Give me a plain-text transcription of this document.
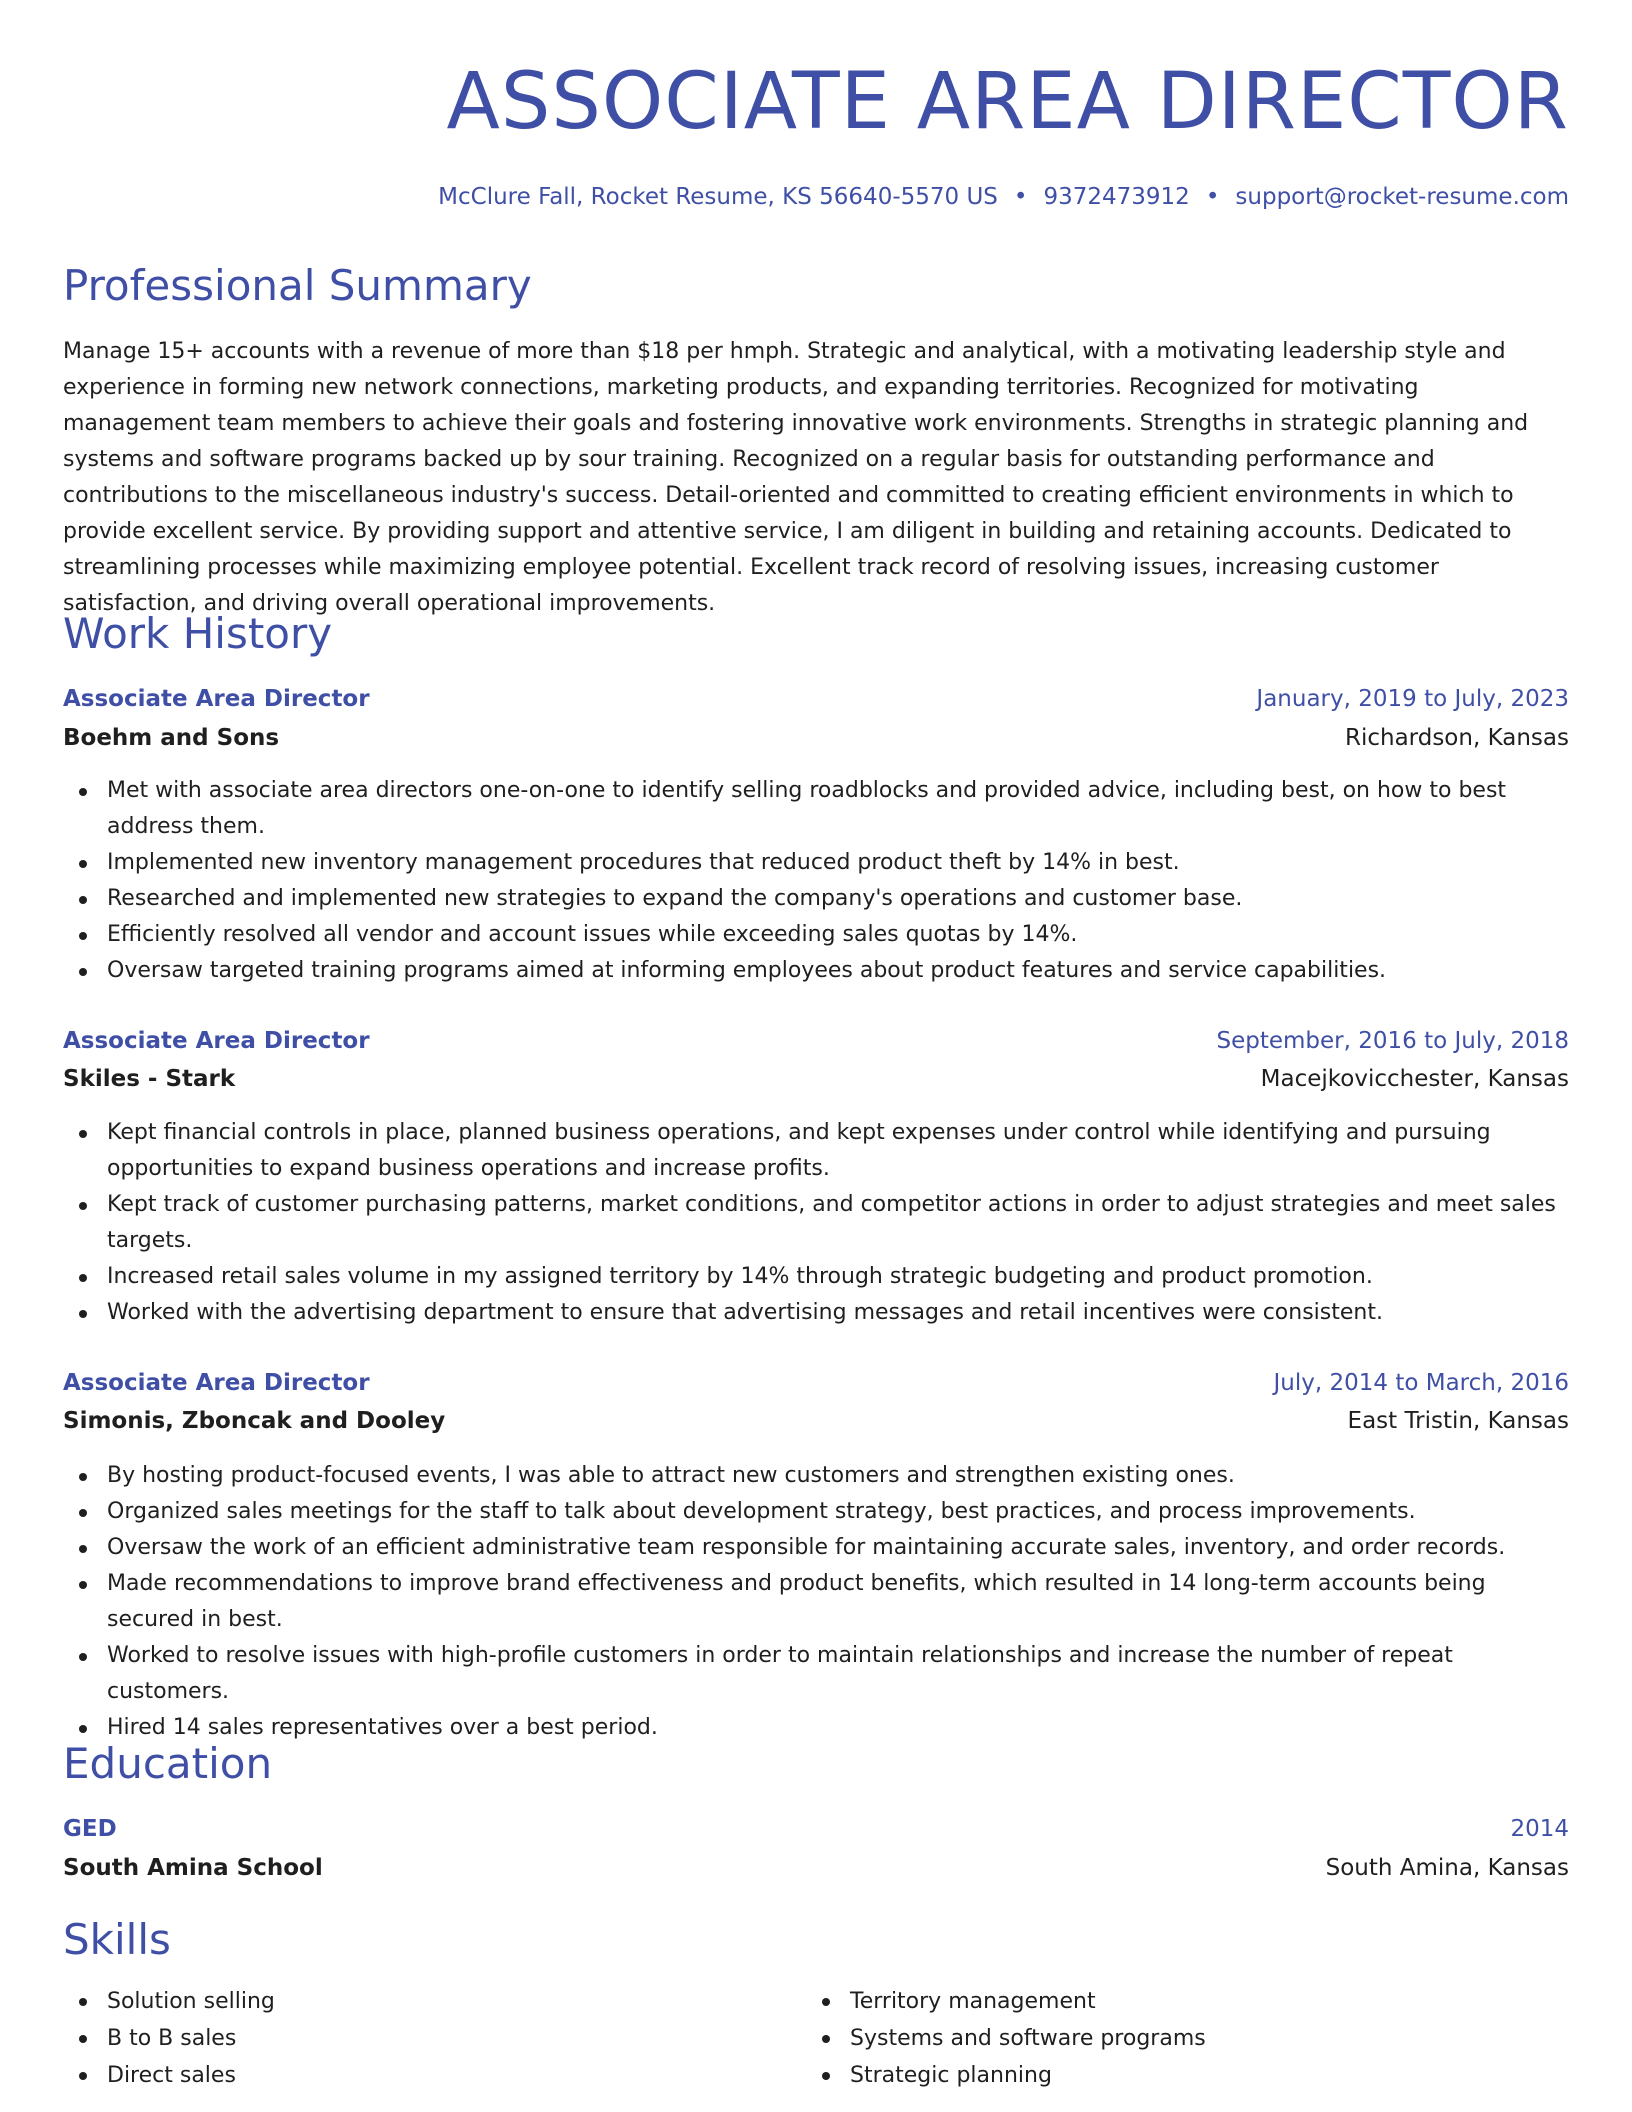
ASSOCIATE AREA DIRECTOR
McClure Fall, Rocket Resume, KS 56640-5570 US • 9372473912 • support@rocket-resume.com
Professional Summary

Manage 15+ accounts with a revenue of more than $18 per hmph. Strategic and analytical, with a motivating leadership style and experience in forming new network connections, marketing products, and expanding territories. Recognized for motivating management team members to achieve their goals and fostering innovative work environments. Strengths in strategic planning and systems and software programs backed up by sour training. Recognized on a regular basis for outstanding performance and contributions to the miscellaneous industry's success. Detail-oriented and committed to creating efficient environments in which to provide excellent service. By providing support and attentive service, I am diligent in building and retaining accounts. Dedicated to streamlining processes while maximizing employee potential. Excellent track record of resolving issues, increasing customer satisfaction, and driving overall operational improvements.

Work History
Associate Area Director	January, 2019 to July, 2023
Boehm and Sons	Richardson, Kansas
Met with associate area directors one-on-one to identify selling roadblocks and provided advice, including best, on how to best address them.
Implemented new inventory management procedures that reduced product theft by 14% in best.
Researched and implemented new strategies to expand the company's operations and customer base.
Efficiently resolved all vendor and account issues while exceeding sales quotas by 14%.
Oversaw targeted training programs aimed at informing employees about product features and service capabilities.
Associate Area Director	September, 2016 to July, 2018
Skiles - Stark	Macejkovicchester, Kansas
Kept financial controls in place, planned business operations, and kept expenses under control while identifying and pursuing opportunities to expand business operations and increase profits.
Kept track of customer purchasing patterns, market conditions, and competitor actions in order to adjust strategies and meet sales targets.
Increased retail sales volume in my assigned territory by 14% through strategic budgeting and product promotion.
Worked with the advertising department to ensure that advertising messages and retail incentives were consistent.
Associate Area Director	July, 2014 to March, 2016
Simonis, Zboncak and Dooley	East Tristin, Kansas
By hosting product-focused events, I was able to attract new customers and strengthen existing ones.
Organized sales meetings for the staff to talk about development strategy, best practices, and process improvements.
Oversaw the work of an efficient administrative team responsible for maintaining accurate sales, inventory, and order records.
Made recommendations to improve brand effectiveness and product benefits, which resulted in 14 long-term accounts being secured in best.
Worked to resolve issues with high-profile customers in order to maintain relationships and increase the number of repeat customers.
Hired 14 sales representatives over a best period.
Education
GED	2014
South Amina School	South Amina, Kansas
Skills
Solution selling
B to B sales
Direct sales
Territory management
Systems and software programs
Strategic planning
